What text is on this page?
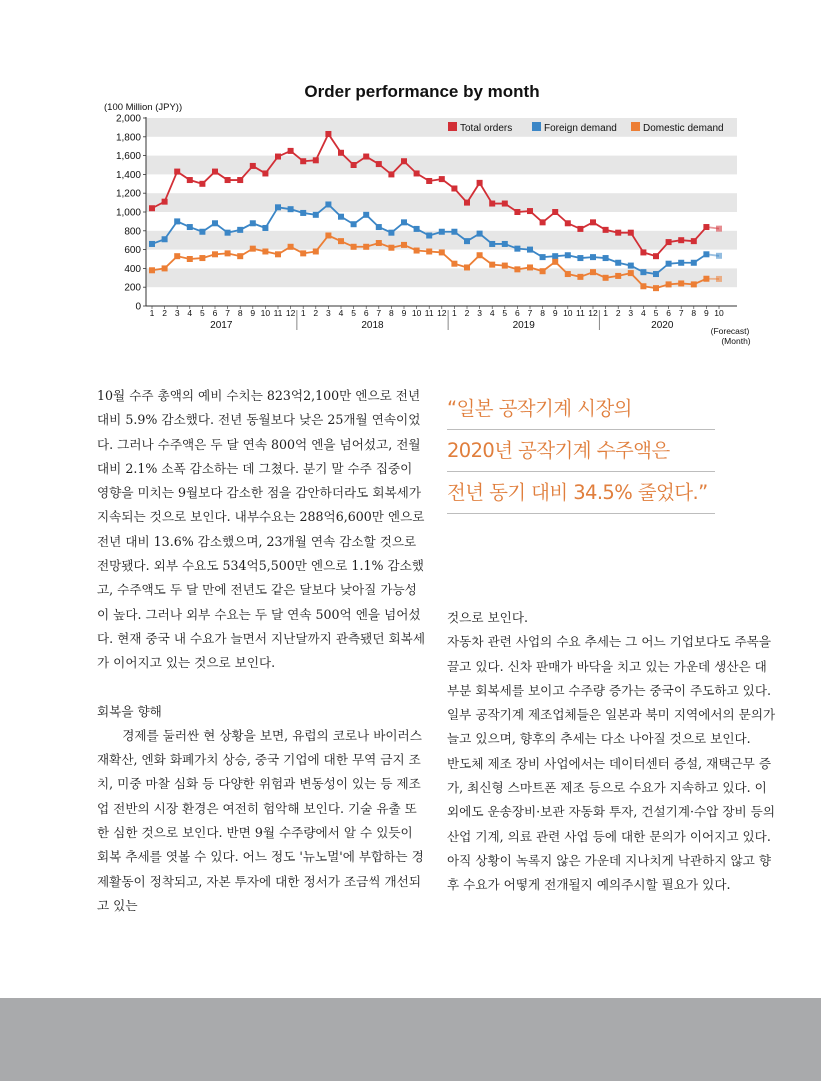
Order performance by month
(100 Million (JPY))
0
200
400
600
800
1,000
1,200
1,400
1,600
1,800
2,000
1 2 3 4 5 6 7 8 9 10 11 12 1 2 3 4 5 6 7 8 9 10 11 12 1 2 3 4 5 6 7 8 9 10 11 12 1 2 3 4 5 6 7 8 9 10
2017	2018	2019	2020	(Forecast)
(Month)
Total orders	Foreign demand	Domestic demand

10월 수주 총액의 예비 수치는 823억2,100만 엔으로 전년 대비 5.9% 감소했다. 전년 동월보다 낮은 25개월 연속이었다. 그러나 수주액은 두 달 연속 800억 엔을 넘어섰고, 전월 대비 2.1% 소폭 감소하는 데 그쳤다. 분기 말 수주 집중이 영향을 미치는 9월보다 감소한 점을 감안하더라도 회복세가 지속되는 것으로 보인다. 내부수요는 288억6,600만 엔으로 전년 대비 13.6% 감소했으며, 23개월 연속 감소할 것으로 전망됐다. 외부 수요도 534억5,500만 엔으로 1.1% 감소했고, 수주액도 두 달 만에 전년도 같은 달보다 낮아질 가능성이 높다. 그러나 외부 수요는 두 달 연속 500억 엔을 넘어섰다. 현재 중국 내 수요가 늘면서 지난달까지 관측됐던 회복세가 이어지고 있는 것으로 보인다.

회복을 향해

경제를 둘러싼 현 상황을 보면, 유럽의 코로나 바이러스 재확산, 엔화 화폐가치 상승, 중국 기업에 대한 무역 금지 조치, 미중 마찰 심화 등 다양한 위험과 변동성이 있는 등 제조업 전반의 시장 환경은 여전히 험악해 보인다. 기술 유출 또한 심한 것으로 보인다. 반면 9월 수주량에서 알 수 있듯이 회복 추세를 엿볼 수 있다. 어느 정도 '뉴노멀'에 부합하는 경제활동이 정착되고, 자본 투자에 대한 정서가 조금씩 개선되고 있는

“일본 공작기계 시장의
2020년 공작기계 수주액은
전년 동기 대비 34.5% 줄었다.”

것으로 보인다.

자동차 관련 사업의 수요 추세는 그 어느 기업보다도 주목을 끌고 있다. 신차 판매가 바닥을 치고 있는 가운데 생산은 대부분 회복세를 보이고 수주량 증가는 중국이 주도하고 있다. 일부 공작기계 제조업체들은 일본과 북미 지역에서의 문의가 늘고 있으며, 향후의 추세는 다소 나아질 것으로 보인다.

반도체 제조 장비 사업에서는 데이터센터 증설, 재택근무 증가, 최신형 스마트폰 제조 등으로 수요가 지속하고 있다. 이외에도 운송장비·보관 자동화 투자, 건설기계·수압 장비 등의 산업 기계, 의료 관련 사업 등에 대한 문의가 이어지고 있다. 아직 상황이 녹록지 않은 가운데 지나치게 낙관하지 않고 향후 수요가 어떻게 전개될지 예의주시할 필요가 있다.
